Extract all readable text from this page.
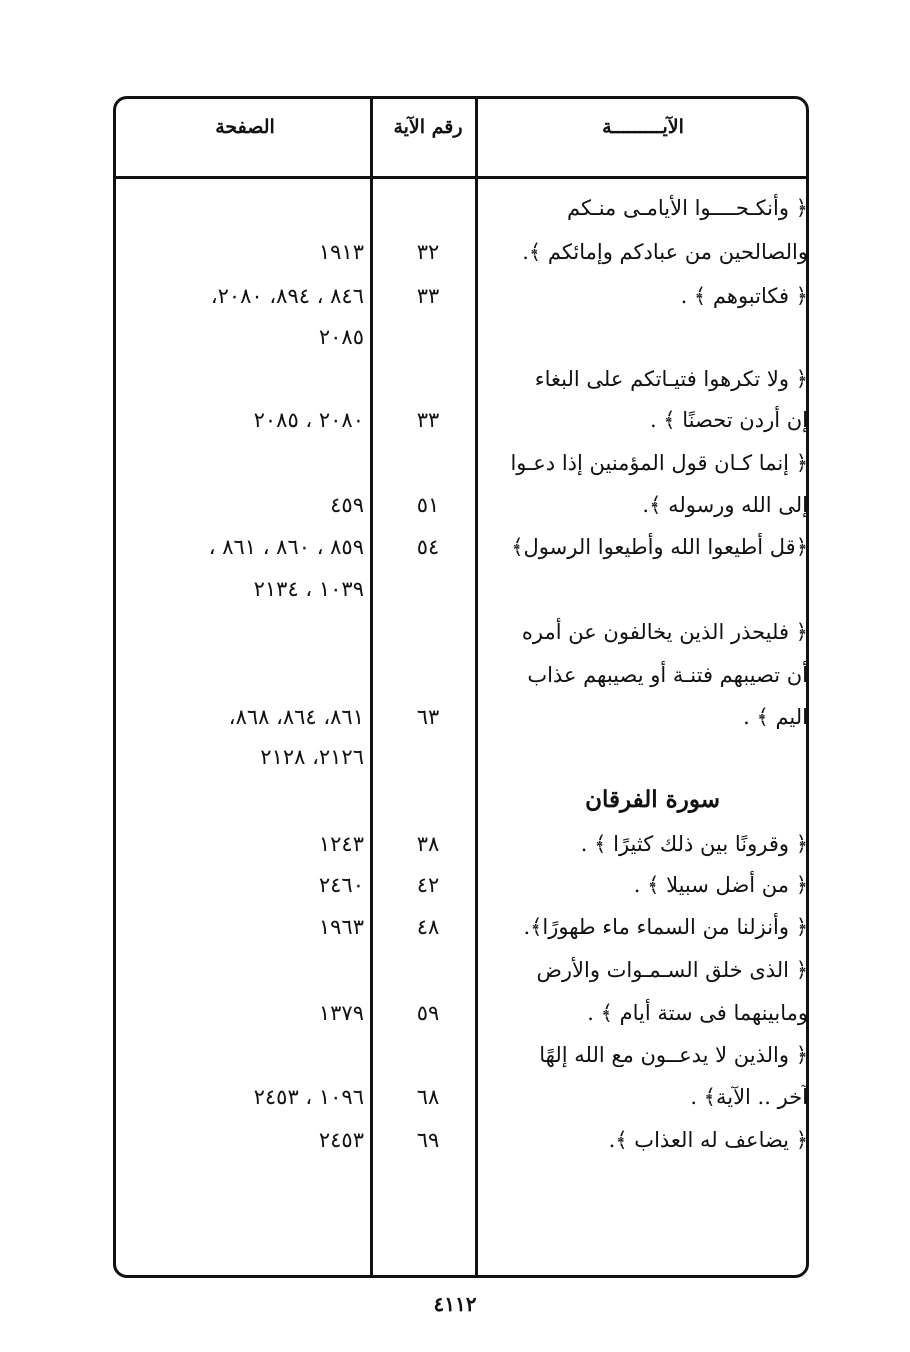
الآيـــــــــة
رقم الآية
الصفحة
﴿ وأنكـحــــوا الأيامـى منـكم
والصالحين من عبادكم وإمائكم ﴾.
﴿ فكاتبوهم ﴾ .
﴿ ولا تكرهوا فتيـاتكم على البغاء
إن أردن تحصنًا ﴾ .
﴿ إنما كـان قول المؤمنين إذا دعـوا
إلى الله ورسوله ﴾.
﴿قل أطيعوا الله وأطيعوا الرسول﴾
﴿ فليحذر الذين يخالفون عن أمره
أن تصيبهم فتنـة أو يصيبهم عذاب
اليم ﴾ .
سورة الفرقان
﴿ وقرونًا بين ذلك كثيرًا ﴾ .
﴿ من أضل سبيلا ﴾ .
﴿ وأنزلنا من السماء ماء طهورًا﴾.
﴿ الذى خلق السـمـوات والأرض
ومابينهما فى ستة أيام ﴾ .
﴿ والذين لا يدعــون مع الله إلهًا
آخر .. الآية﴾ .
﴿ يضاعف له العذاب ﴾.
٣٢
٣٣
٣٣
٥١
٥٤
٦٣
٣٨
٤٢
٤٨
٥٩
٦٨
٦٩
١٩١٣
٨٤٦ ، ٨٩٤، ٢٠٨٠،
٢٠٨٥
٢٠٨٠ ، ٢٠٨٥
٤٥٩
٨٥٩ ، ٨٦٠ ، ٨٦١ ،
١٠٣٩ ، ٢١٣٤
٨٦١، ٨٦٤، ٨٦٨،
٢١٢٦، ٢١٢٨
١٢٤٣
٢٤٦٠
١٩٦٣
١٣٧٩
١٠٩٦ ، ٢٤٥٣
٢٤٥٣
٤١١٢
